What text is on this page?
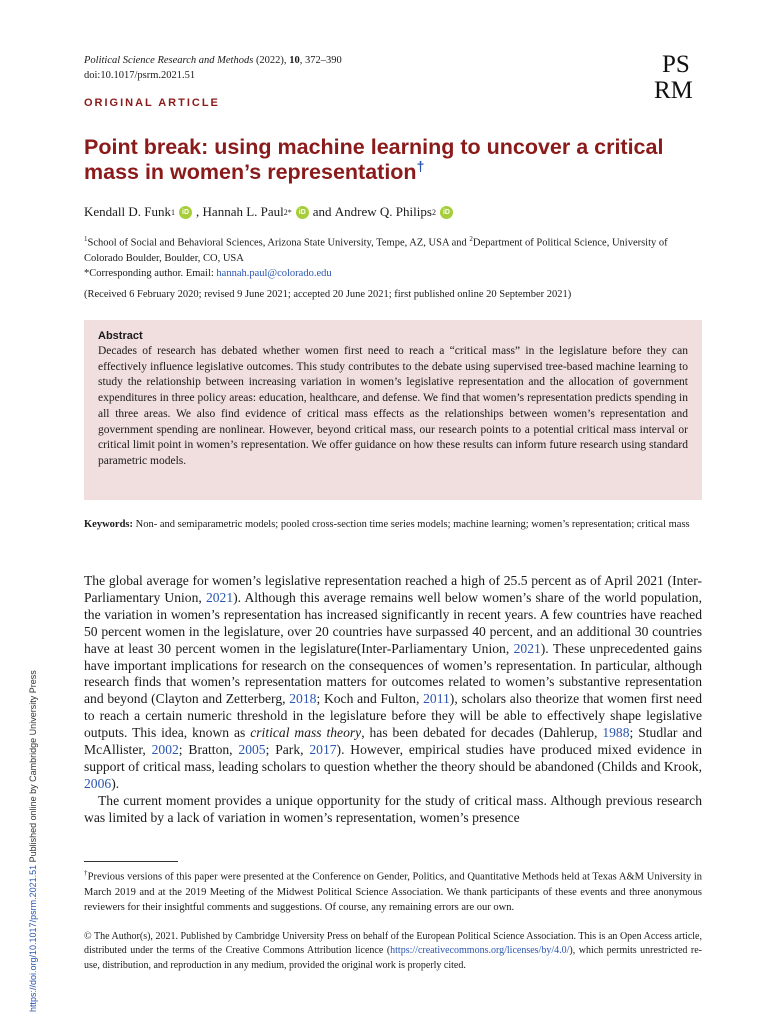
Political Science Research and Methods (2022), 10, 372–390
doi:10.1017/psrm.2021.51	PS
RM
ORIGINAL ARTICLE
Point break: using machine learning to uncover a critical mass in women’s representation†
Kendall D. Funk 1	iD ,
Hannah L. Paul 2*	iD and
Andrew Q. Philips 2	iD
$^1$School of Social and Behavioral Sciences, Arizona State University, Tempe, AZ, USA and $^2$Department of Political Science, University of Colorado Boulder, Boulder, CO, USA
*Corresponding author. Email: hannah.paul@colorado.edu
(Received 6 February 2020; revised 9 June 2021; accepted 20 June 2021; first published online 20 September 2021)
Abstract
Decades of research has debated whether women first need to reach a “critical mass” in the legislature before they can effectively influence legislative outcomes. This study contributes to the debate using supervised tree-based machine learning to study the relationship between increasing variation in women’s legislative representation and the allocation of government expenditures in three policy areas: education, healthcare, and defense. We find that women’s representation predicts spending in all three areas. We also find evidence of critical mass effects as the relationships between women’s representation and government spending are nonlinear. However, beyond critical mass, our research points to a potential critical mass interval or critical limit point in women’s representation. We offer guidance on how these results can inform future research using standard parametric models.
Keywords: Non- and semiparametric models; pooled cross-section time series models; machine learning; women’s representation; critical mass

The global average for women’s legislative representation reached a high of 25.5 percent as of April 2021 (Inter-Parliamentary Union, 2021). Although this average remains well below women’s share of the world population, the variation in women’s representation has increased significantly in recent years. A few countries have reached 50 percent women in the legislature, over 20 countries have surpassed 40 percent, and an additional 30 countries have at least 30 percent women in the legislature(Inter-Parliamentary Union, 2021). These unprecedented gains have important implications for research on the consequences of women’s representation. In particular, although research finds that women’s representation matters for outcomes related to women’s substantive representation and beyond (Clayton and Zetterberg, 2018; Koch and Fulton, 2011), scholars also theorize that women first need to reach a certain numeric threshold in the legislature before they will be able to effectively shape legislative outputs. This idea, known as critical mass theory, has been debated for decades (Dahlerup, 1988; Studlar and McAllister, 2002; Bratton, 2005; Park, 2017). However, empirical studies have produced mixed evidence in support of critical mass, leading scholars to question whether the theory should be abandoned (Childs and Krook, 2006).

The current moment provides a unique opportunity for the study of critical mass. Although previous research was limited by a lack of variation in women’s representation, women’s presence

†Previous versions of this paper were presented at the Conference on Gender, Politics, and Quantitative Methods held at Texas A&M University in March 2019 and at the 2019 Meeting of the Midwest Political Science Association. We thank participants of these events and three anonymous reviewers for their insightful comments and suggestions. Of course, any remaining errors are our own.
© The Author(s), 2021. Published by Cambridge University Press on behalf of the European Political Science Association. This is an Open Access article, distributed under the terms of the Creative Commons Attribution licence (https://creativecommons.org/licenses/by/4.0/), which permits unrestricted re-use, distribution, and reproduction in any medium, provided the original work is properly cited.
https://doi.org/10.1017/psrm.2021.51 Published online by Cambridge University Press
